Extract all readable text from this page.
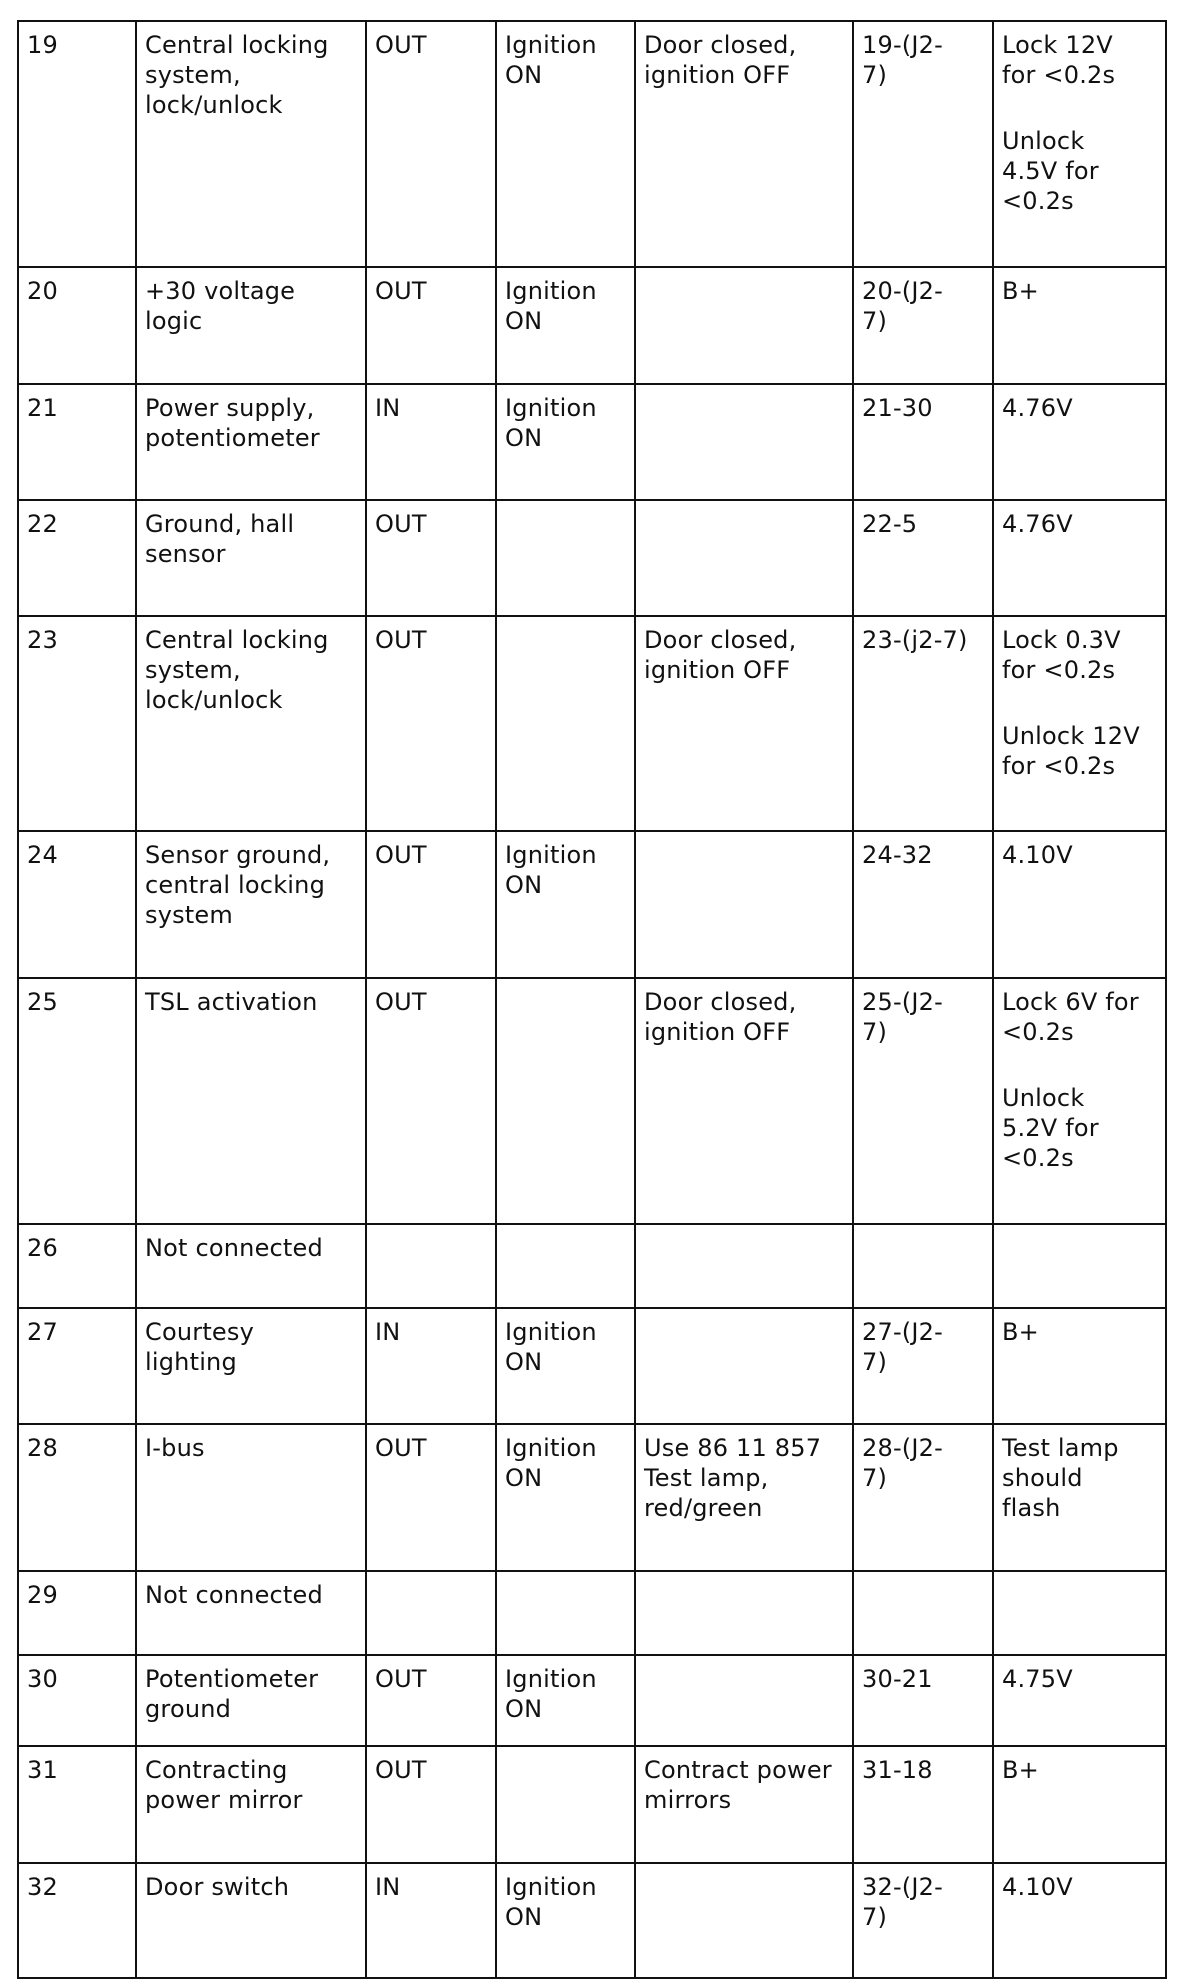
19	Central locking
system,
lock/unlock	OUT	Ignition
ON	Door closed,
ignition OFF	19-(J2-
7)	Lock 12V
for <0.2s
Unlock
4.5V for
<0.2s

20	+30 voltage
logic	OUT	Ignition
ON		20-(J2-
7)	B+

21	Power supply,
potentiometer	IN	Ignition
ON		21-30	4.76V

22	Ground, hall
sensor	OUT			22-5	4.76V

23	Central locking
system,
lock/unlock	OUT		Door closed,
ignition OFF	23-(j2-7)	Lock 0.3V
for <0.2s
Unlock 12V
for <0.2s

24	Sensor ground,
central locking
system	OUT	Ignition
ON		24-32	4.10V

25	TSL activation	OUT		Door closed,
ignition OFF	25-(J2-
7)	Lock 6V for
<0.2s
Unlock
5.2V for
<0.2s

26	Not connected					

27	Courtesy
lighting	IN	Ignition
ON		27-(J2-
7)	B+

28	I-bus	OUT	Ignition
ON	Use 86 11 857
Test lamp,
red/green	28-(J2-
7)	Test lamp
should
flash

29	Not connected					

30	Potentiometer
ground	OUT	Ignition
ON		30-21	4.75V

31	Contracting
power mirror	OUT		Contract power
mirrors	31-18	B+

32	Door switch	IN	Ignition
ON		32-(J2-
7)	4.10V
